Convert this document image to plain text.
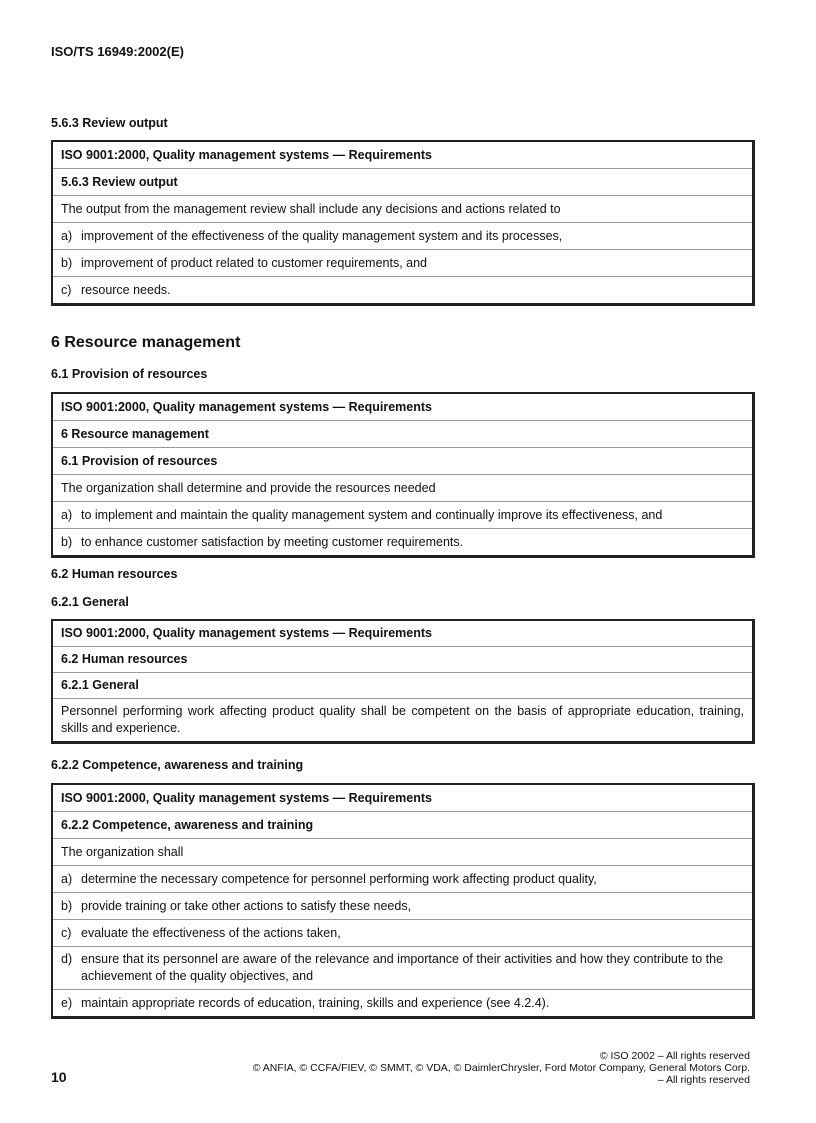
ISO/TS 16949:2002(E)
5.6.3 Review output
ISO 9001:2000, Quality management systems — Requirements
5.6.3 Review output
The output from the management review shall include any decisions and actions related to
a) improvement of the effectiveness of the quality management system and its processes,
b) improvement of product related to customer requirements, and
c) resource needs.
6 Resource management
6.1 Provision of resources
ISO 9001:2000, Quality management systems — Requirements
6 Resource management
6.1 Provision of resources
The organization shall determine and provide the resources needed
a) to implement and maintain the quality management system and continually improve its effectiveness, and
b) to enhance customer satisfaction by meeting customer requirements.
6.2 Human resources
6.2.1 General
ISO 9001:2000, Quality management systems — Requirements
6.2 Human resources
6.2.1 General
Personnel performing work affecting product quality shall be competent on the basis of appropriate education, training, skills and experience.
6.2.2 Competence, awareness and training
ISO 9001:2000, Quality management systems — Requirements
6.2.2 Competence, awareness and training
The organization shall
a) determine the necessary competence for personnel performing work affecting product quality,
b) provide training or take other actions to satisfy these needs,
c) evaluate the effectiveness of the actions taken,
d) ensure that its personnel are aware of the relevance and importance of their activities and how they contribute to the achievement of the quality objectives, and
e) maintain appropriate records of education, training, skills and experience (see 4.2.4).
© ISO 2002 – All rights reserved
© ANFIA, © CCFA/FIEV, © SMMT, © VDA, © DaimlerChrysler, Ford Motor Company, General Motors Corp.
– All rights reserved
10
